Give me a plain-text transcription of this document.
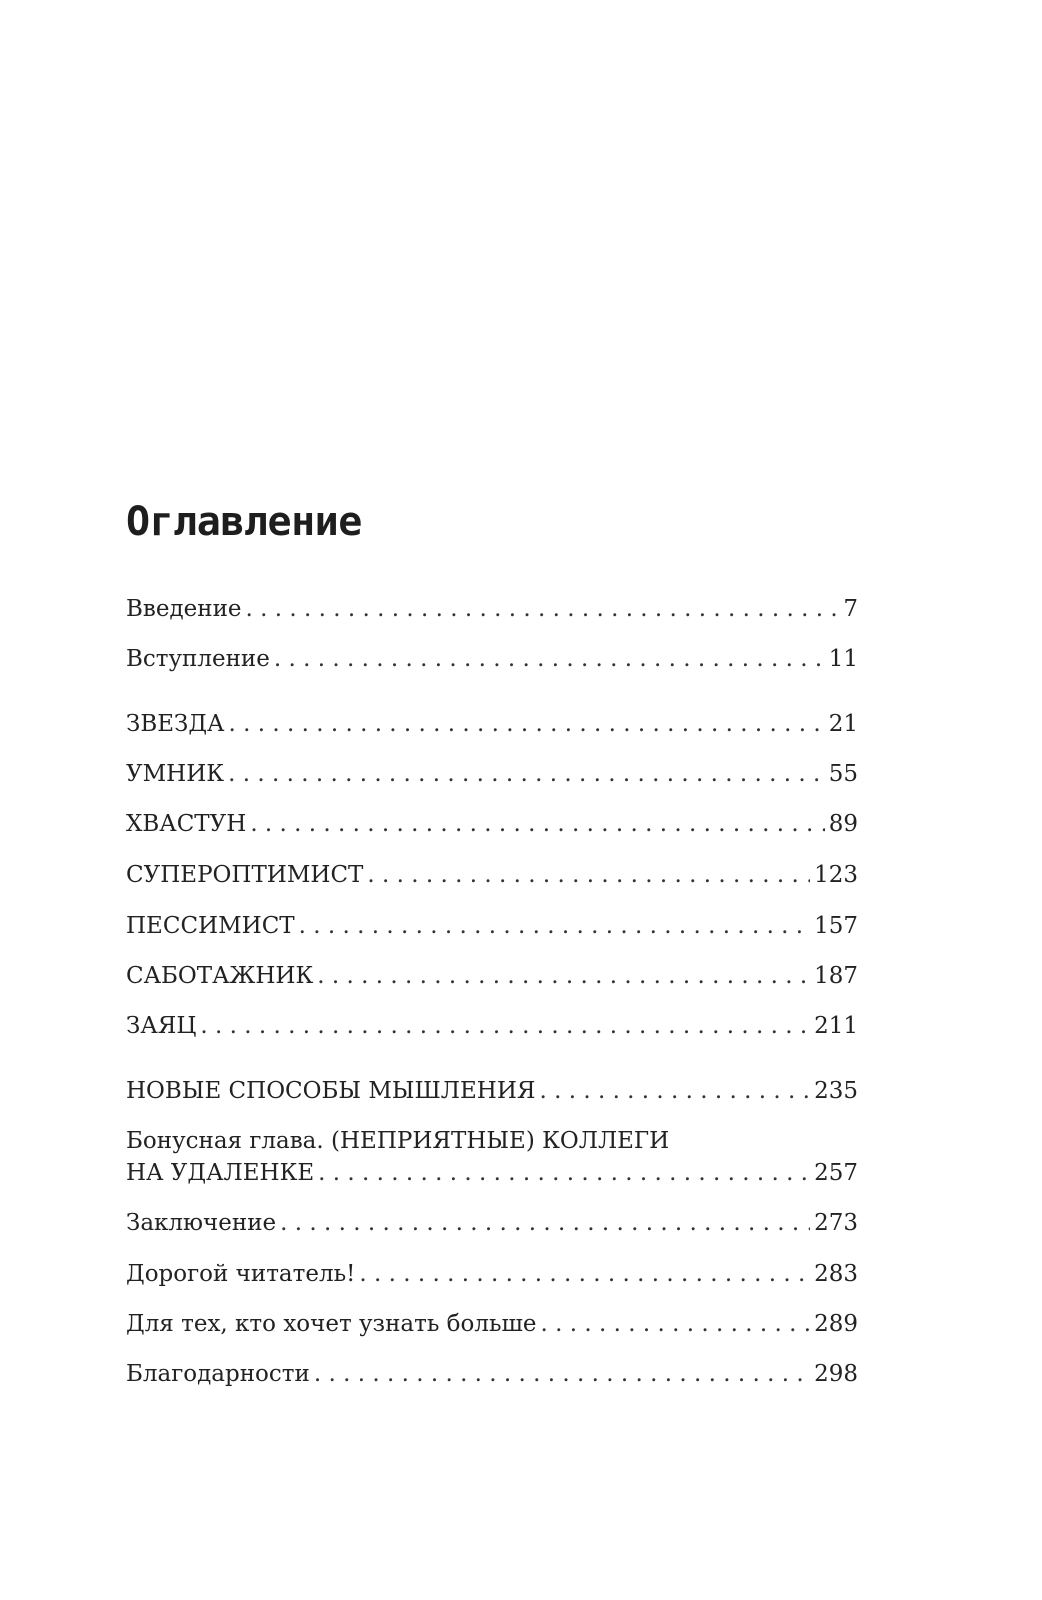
Оглавление
Введение . . .	7
Вступление . . .	11
ЗВЕЗДА . . .	21
УМНИК . . .	55
ХВАСТУН . . .	89
СУПЕРОПТИМИСТ . . .	123
ПЕССИМИСТ . . .	157
САБОТАЖНИК . . .	187
ЗАЯЦ . . .	211
НОВЫЕ СПОСОБЫ МЫШЛЕНИЯ . . .	235
Бонусная глава. (НЕПРИЯТНЫЕ) КОЛЛЕГИ
НА УДАЛЕНКЕ . . .	257
Заключение . . .	273
Дорогой читатель! . . .	283
Для тех, кто хочет узнать больше . . .	289
Благодарности . . .	298
